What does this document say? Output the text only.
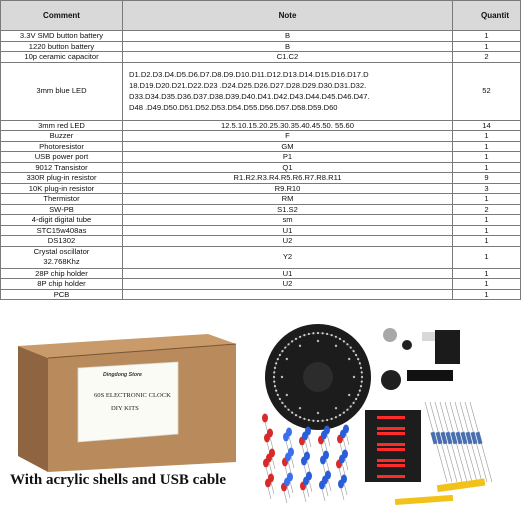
Comment	Note	Quantit
3.3V SMD button battery	B	1
1220 button battery	B	1
10p ceramic capacitor	C1.C2	2
3mm blue LED	D1.D2.D3.D4.D5.D6.D7.D8.D9.D10.D11.D12.D13.D14.D15.D16.D17.D
18.D19.D20.D21.D22.D23 .D24.D25.D26.D27.D28.D29.D30.D31.D32.
D33.D34.D35.D36.D37.D38.D39.D40.D41.D42.D43.D44.D45.D46.D47.
D48 .D49.D50.D51.D52.D53.D54.D55.D56.D57.D58.D59.D60	52
3mm red LED	12.5.10.15.20.25.30.35.40.45.50. 55.60	14
Buzzer	F	1
Photoresistor	GM	1
USB power port	P1	1
9012 Transistor	Q1	1
330R plug-in resistor	R1.R2.R3.R4.R5.R6.R7.R8.R11	9
10K plug-in resistor	R9.R10	3
Thermistor	RM	1
SW-PB	S1.S2	2
4-digit digital tube	sm	1
STC15w408as	U1	1
DS1302	U2	1

Crystal oscillator
32.768Khz	Y2	1
28P chip holder	U1	1
8P chip holder	U2	1
PCB		1
Dingdong Store
60S ELECTRONIC CLOCK
DIY KITS
With acrylic shells and USB cable
